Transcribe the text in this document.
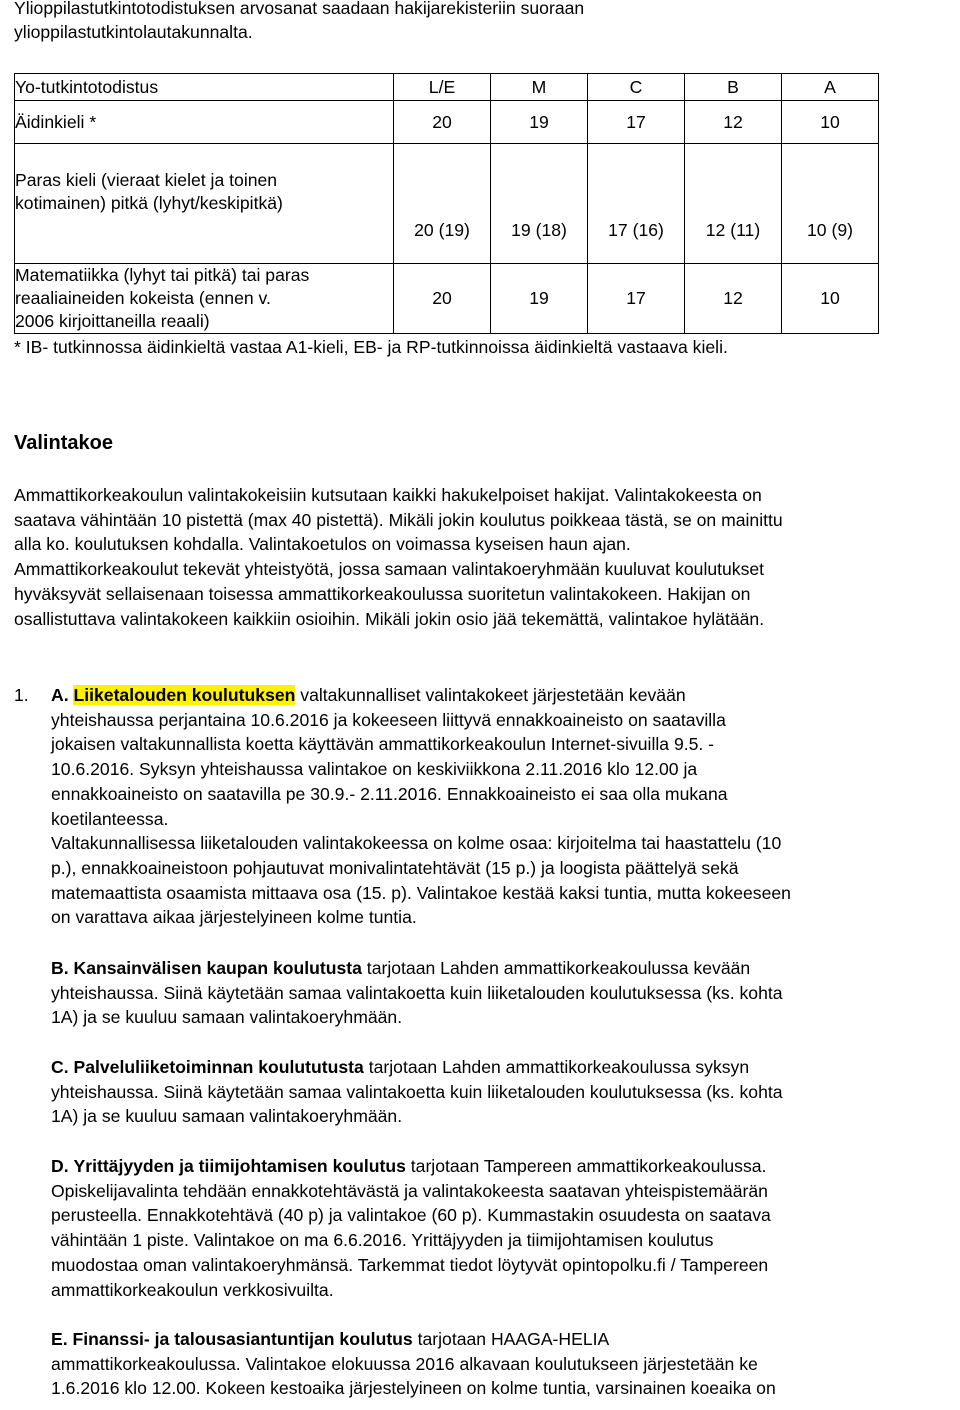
Ylioppilastutkintotodistuksen arvosanat saadaan hakijarekisteriin suoraan
ylioppilastutkintolautakunnalta.

Yo-tutkintotodistus	L/E	M	C	B	A
Äidinkieli *	20	19	17	12	10

Paras kieli (vieraat kielet ja toinen
kotimainen) pitkä (lyhyt/keskipitkä)	20 (19)	19 (18)	17 (16)	12 (11)	10 (9)

Matematiikka (lyhyt tai pitkä) tai paras
reaaliaineiden kokeista (ennen v.
2006 kirjoittaneilla reaali)	20	19	17	12	10

* IB- tutkinnossa äidinkieltä vastaa A1-kieli, EB- ja RP-tutkinnoissa äidinkieltä vastaava kieli.

Valintakoe

Ammattikorkeakoulun valintakokeisiin kutsutaan kaikki hakukelpoiset hakijat. Valintakokeesta on
saatava vähintään 10 pistettä (max 40 pistettä). Mikäli jokin koulutus poikkeaa tästä, se on mainittu
alla ko. koulutuksen kohdalla. Valintakoetulos on voimassa kyseisen haun ajan.
Ammattikorkeakoulut tekevät yhteistyötä, jossa samaan valintakoeryhmään kuuluvat koulutukset
hyväksyvät sellaisenaan toisessa ammattikorkeakoulussa suoritetun valintakokeen. Hakijan on
osallistuttava valintakokeen kaikkiin osioihin. Mikäli jokin osio jää tekemättä, valintakoe hylätään.

1. A. Liiketalouden koulutuksen valtakunnalliset valintakokeet järjestetään kevään

yhteishaussa perjantaina 10.6.2016 ja kokeeseen liittyvä ennakkoaineisto on saatavilla

jokaisen valtakunnallista koetta käyttävän ammattikorkeakoulun Internet-sivuilla 9.5. -

10.6.2016. Syksyn yhteishaussa valintakoe on keskiviikkona 2.11.2016 klo 12.00 ja

ennakkoaineisto on saatavilla pe 30.9.- 2.11.2016. Ennakkoaineisto ei saa olla mukana

koetilanteessa.

Valtakunnallisessa liiketalouden valintakokeessa on kolme osaa: kirjoitelma tai haastattelu (10

p.), ennakkoaineistoon pohjautuvat monivalintatehtävät (15 p.) ja loogista päättelyä sekä

matemaattista osaamista mittaava osa (15. p). Valintakoe kestää kaksi tuntia, mutta kokeeseen

on varattava aikaa järjestelyineen kolme tuntia.

B. Kansainvälisen kaupan koulutusta tarjotaan Lahden ammattikorkeakoulussa kevään

yhteishaussa. Siinä käytetään samaa valintakoetta kuin liiketalouden koulutuksessa (ks. kohta

1A) ja se kuuluu samaan valintakoeryhmään.

C. Palveluliiketoiminnan koulututusta tarjotaan Lahden ammattikorkeakoulussa syksyn

yhteishaussa. Siinä käytetään samaa valintakoetta kuin liiketalouden koulutuksessa (ks. kohta

1A) ja se kuuluu samaan valintakoeryhmään.

D. Yrittäjyyden ja tiimijohtamisen koulutus tarjotaan Tampereen ammattikorkeakoulussa.

Opiskelijavalinta tehdään ennakkotehtävästä ja valintakokeesta saatavan yhteispistemäärän

perusteella. Ennakkotehtävä (40 p) ja valintakoe (60 p). Kummastakin osuudesta on saatava

vähintään 1 piste. Valintakoe on ma 6.6.2016. Yrittäjyyden ja tiimijohtamisen koulutus

muodostaa oman valintakoeryhmänsä. Tarkemmat tiedot löytyvät opintopolku.fi / Tampereen

ammattikorkeakoulun verkkosivuilta.

E. Finanssi- ja talousasiantuntijan koulutus tarjotaan HAAGA-HELIA

ammattikorkeakoulussa. Valintakoe elokuussa 2016 alkavaan koulutukseen järjestetään ke

1.6.2016 klo 12.00. Kokeen kestoaika järjestelyineen on kolme tuntia, varsinainen koeaika on
